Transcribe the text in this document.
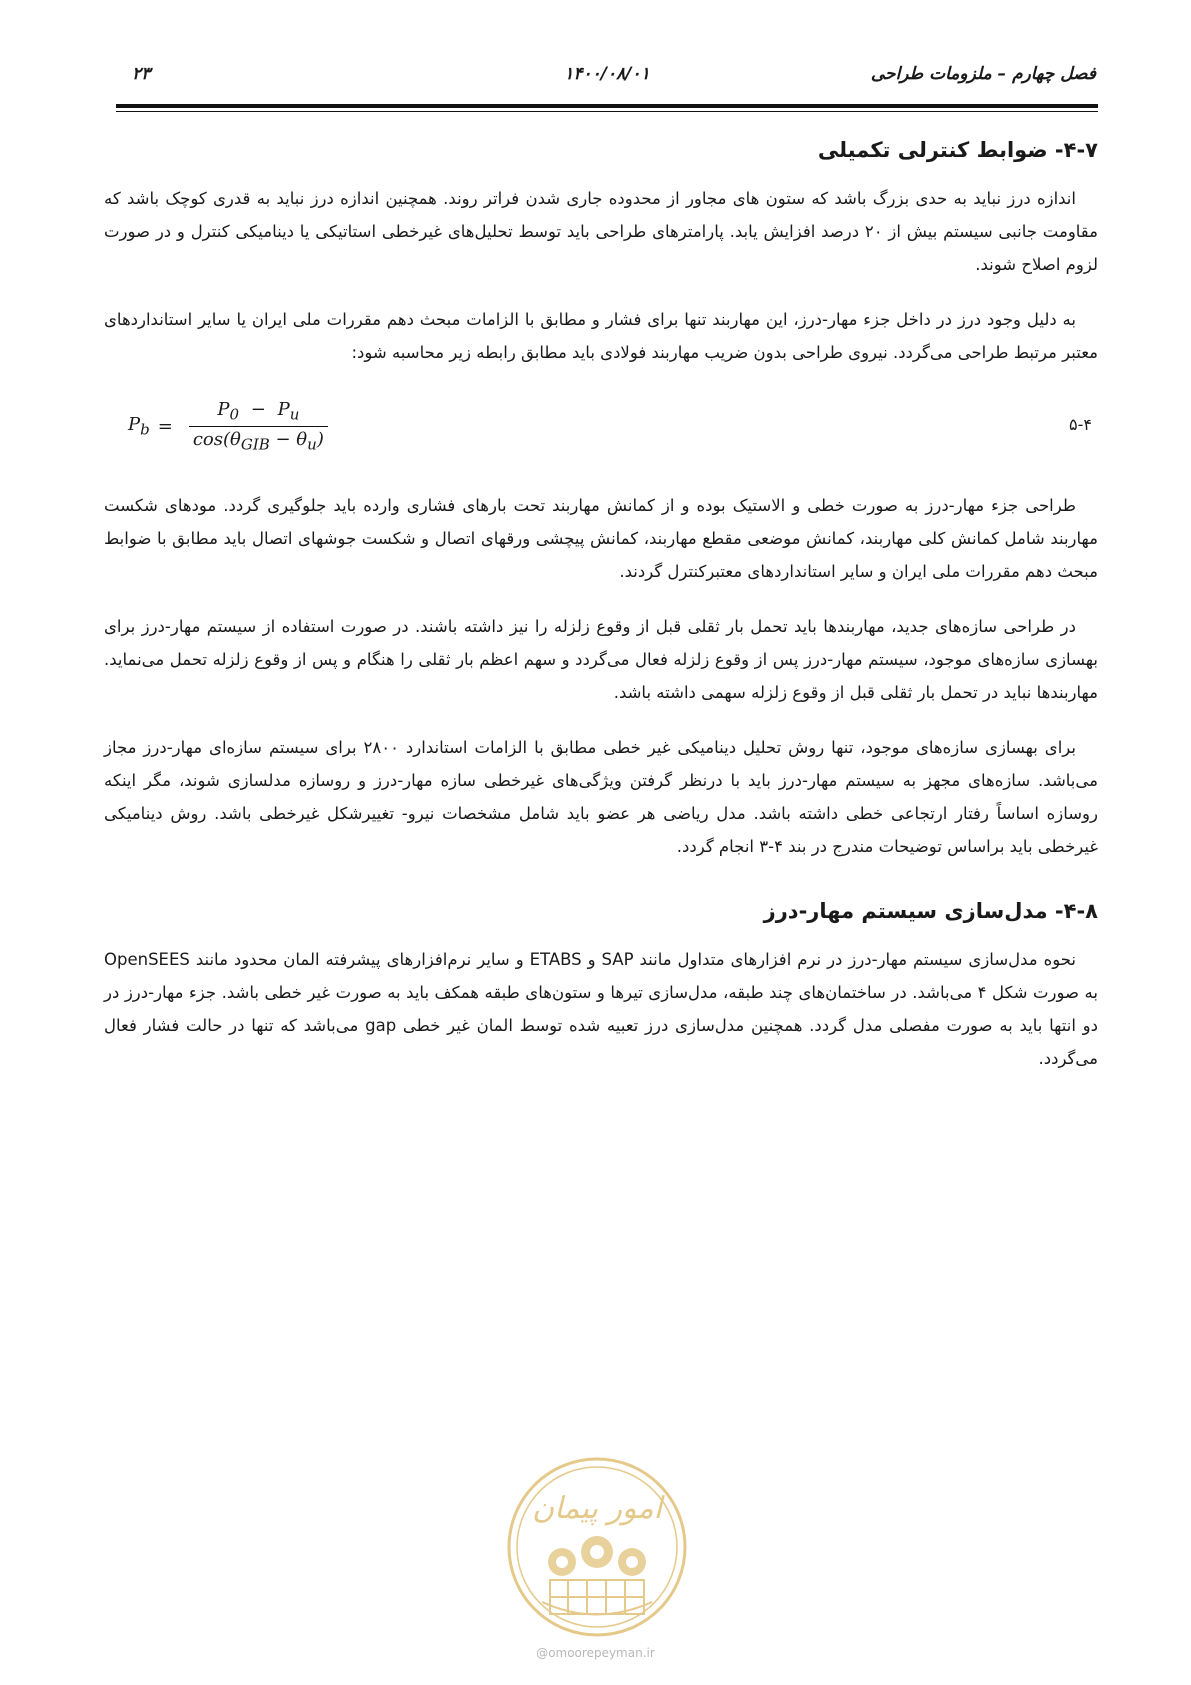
فصل چهارم – ملزومات طراحی
۱۴۰۰/۰۸/۰۱
۲۳
۴-۷- ضوابط کنترلی تکمیلی

اندازه درز نباید به حدی بزرگ باشد که ستون های مجاور از محدوده جاری شدن فراتر روند. همچنین اندازه درز نباید به قدری کوچک باشد که مقاومت جانبی سیستم بیش از ۲۰ درصد افزایش یابد. پارامترهای طراحی باید توسط تحلیل‌های غیرخطی استاتیکی یا دینامیکی کنترل و در صورت لزوم اصلاح شوند.

به دلیل وجود درز در داخل جزء مهار-درز، این مهاربند تنها برای فشار و مطابق با الزامات مبحث دهم مقررات ملی ایران یا سایر استانداردهای معتبر مرتبط طراحی می‌گردد. نیروی طراحی بدون ضریب مهاربند فولادی باید مطابق رابطه زیر محاسبه شود:

$P_b = \frac{P_0 - P_u}{\cos(\theta_{GIB} - \theta_u)}$	۵-۴

طراحی جزء مهار-درز به صورت خطی و الاستیک بوده و از کمانش مهاربند تحت بارهای فشاری وارده باید جلوگیری گردد. مودهای شکست مهاربند شامل کمانش کلی مهاربند، کمانش موضعی مقطع مهاربند، کمانش پیچشی ورقهای اتصال و شکست جوشهای اتصال باید مطابق با ضوابط مبحث دهم مقررات ملی ایران و سایر استانداردهای معتبرکنترل گردند.

در طراحی سازه‌های جدید، مهاربندها باید تحمل بار ثقلی قبل از وقوع زلزله را نیز داشته باشند. در صورت استفاده از سیستم مهار-درز برای بهسازی سازه‌های موجود، سیستم مهار-درز پس از وقوع زلزله فعال می‌گردد و سهم اعظم بار ثقلی را هنگام و پس از وقوع زلزله تحمل می‌نماید. مهاربندها نباید در تحمل بار ثقلی قبل از وقوع زلزله سهمی داشته باشد.

برای بهسازی سازه‌های موجود، تنها روش تحلیل دینامیکی غیر خطی مطابق با الزامات استاندارد ۲۸۰۰ برای سیستم سازه‌ای مهار-درز مجاز می‌باشد. سازه‌های مجهز به سیستم مهار-درز باید با درنظر گرفتن ویژگی‌های غیرخطی سازه مهار-درز و روسازه مدلسازی شوند، مگر اینکه روسازه اساساً رفتار ارتجاعی خطی داشته باشد. مدل ریاضی هر عضو باید شامل مشخصات نیرو- تغییرشکل غیرخطی باشد. روش دینامیکی غیرخطی باید براساس توضیحات مندرج در بند ۴-۳ انجام گردد.

۴-۸- مدل‌سازی سیستم مهار-درز

نحوه مدل‌سازی سیستم مهار-درز در نرم افزارهای متداول مانند SAP و ETABS و سایر نرم‌افزارهای پیشرفته المان محدود مانند OpenSEES به صورت شکل ۴ می‌باشد. در ساختمان‌های چند طبقه، مدل‌سازی تیرها و ستون‌های طبقه همکف باید به صورت غیر خطی باشد. جزء مهار-درز در دو انتها باید به صورت مفصلی مدل گردد. همچنین مدل‌سازی درز تعبیه شده توسط المان غیر خطی gap می‌باشد که تنها در حالت فشار فعال می‌گردد.

امور پیمان
@omoorepeyman.ir
